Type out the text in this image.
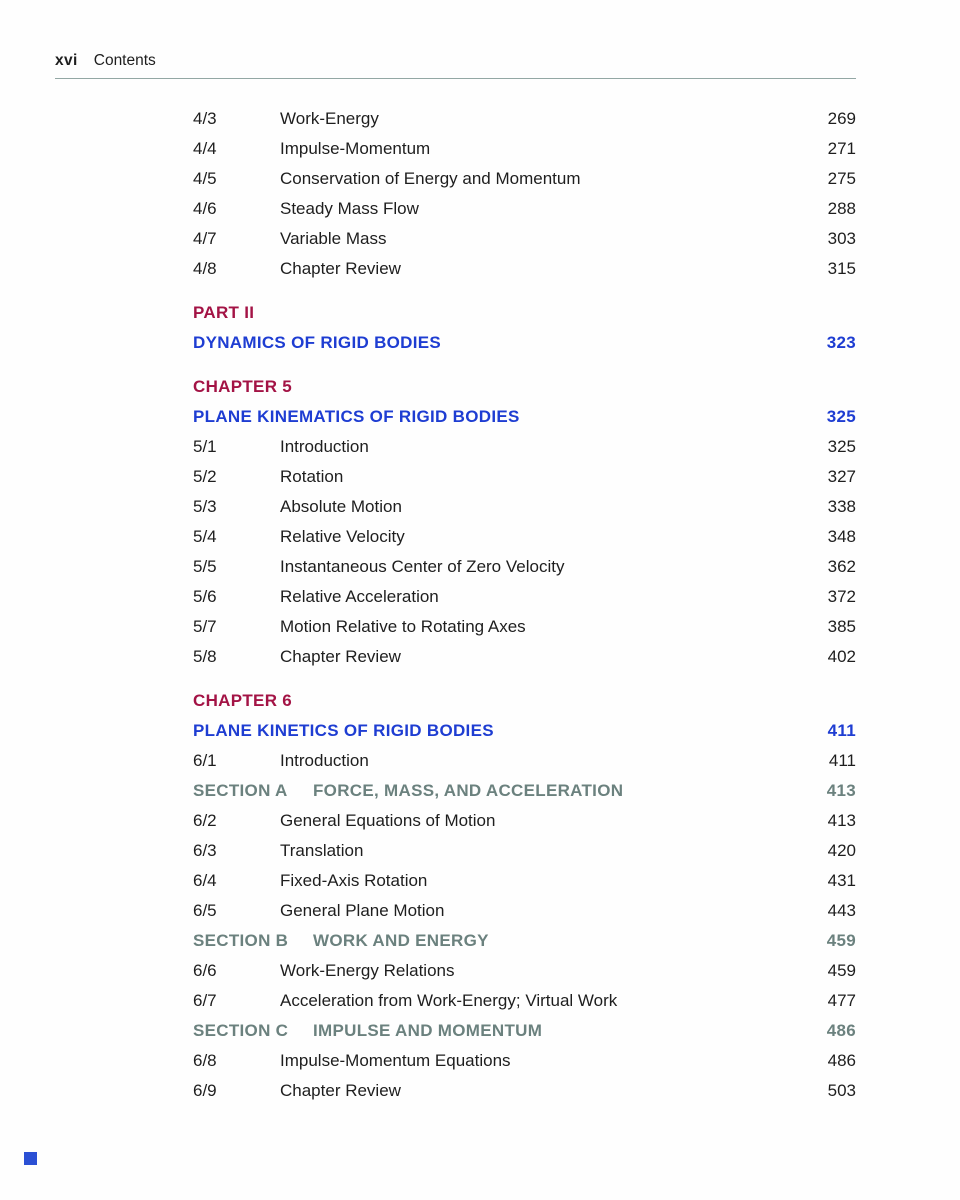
xvi Contents
4/3	Work-Energy	269
4/4	Impulse-Momentum	271
4/5	Conservation of Energy and Momentum	275
4/6	Steady Mass Flow	288
4/7	Variable Mass	303
4/8	Chapter Review	315
PART II
DYNAMICS OF RIGID BODIES	323
CHAPTER 5
PLANE KINEMATICS OF RIGID BODIES	325
5/1	Introduction	325
5/2	Rotation	327
5/3	Absolute Motion	338
5/4	Relative Velocity	348
5/5	Instantaneous Center of Zero Velocity	362
5/6	Relative Acceleration	372
5/7	Motion Relative to Rotating Axes	385
5/8	Chapter Review	402
CHAPTER 6
PLANE KINETICS OF RIGID BODIES	411
6/1	Introduction	411
SECTION A	FORCE, MASS, AND ACCELERATION	413
6/2	General Equations of Motion	413
6/3	Translation	420
6/4	Fixed-Axis Rotation	431
6/5	General Plane Motion	443
SECTION B	WORK AND ENERGY	459
6/6	Work-Energy Relations	459
6/7	Acceleration from Work-Energy; Virtual Work	477
SECTION C	IMPULSE AND MOMENTUM	486
6/8	Impulse-Momentum Equations	486
6/9	Chapter Review	503
